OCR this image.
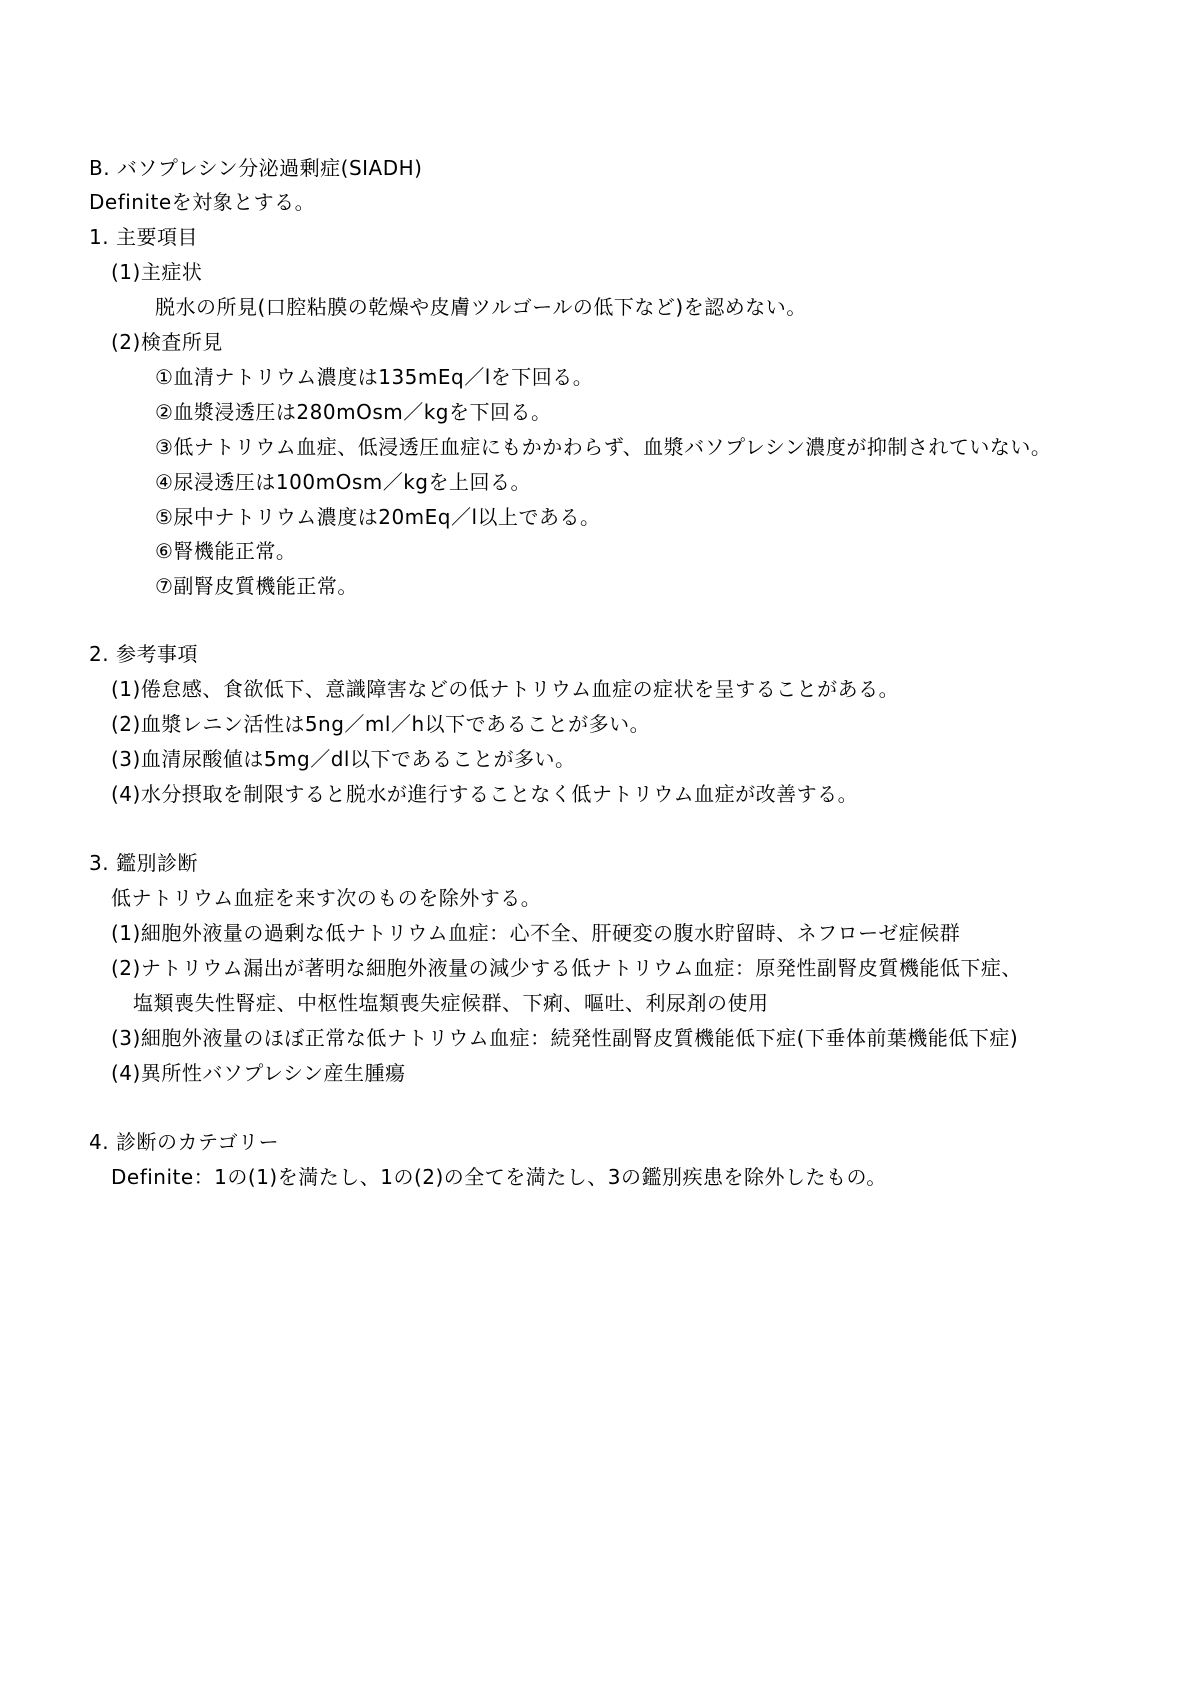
B. バソプレシン分泌過剰症(SIADH)
Definiteを対象とする。
1. 主要項目
(1)主症状
脱水の所見(口腔粘膜の乾燥や皮膚ツルゴールの低下など)を認めない。
(2)検査所見
①血清ナトリウム濃度は135mEq／lを下回る。
②血漿浸透圧は280mOsm／kgを下回る。
③低ナトリウム血症、低浸透圧血症にもかかわらず、血漿バソプレシン濃度が抑制されていない。
④尿浸透圧は100mOsm／kgを上回る。
⑤尿中ナトリウム濃度は20mEq／l以上である。
⑥腎機能正常。
⑦副腎皮質機能正常。
2. 参考事項
(1)倦怠感、食欲低下、意識障害などの低ナトリウム血症の症状を呈することがある。
(2)血漿レニン活性は5ng／ml／h以下であることが多い。
(3)血清尿酸値は5mg／dl以下であることが多い。
(4)水分摂取を制限すると脱水が進行することなく低ナトリウム血症が改善する。
3. 鑑別診断
低ナトリウム血症を来す次のものを除外する。
(1)細胞外液量の過剰な低ナトリウム血症：心不全、肝硬変の腹水貯留時、ネフローゼ症候群
(2)ナトリウム漏出が著明な細胞外液量の減少する低ナトリウム血症：原発性副腎皮質機能低下症、
塩類喪失性腎症、中枢性塩類喪失症候群、下痢、嘔吐、利尿剤の使用
(3)細胞外液量のほぼ正常な低ナトリウム血症：続発性副腎皮質機能低下症(下垂体前葉機能低下症)
(4)異所性バソプレシン産生腫瘍
4. 診断のカテゴリー
Definite：1の(1)を満たし、1の(2)の全てを満たし、3の鑑別疾患を除外したもの。
